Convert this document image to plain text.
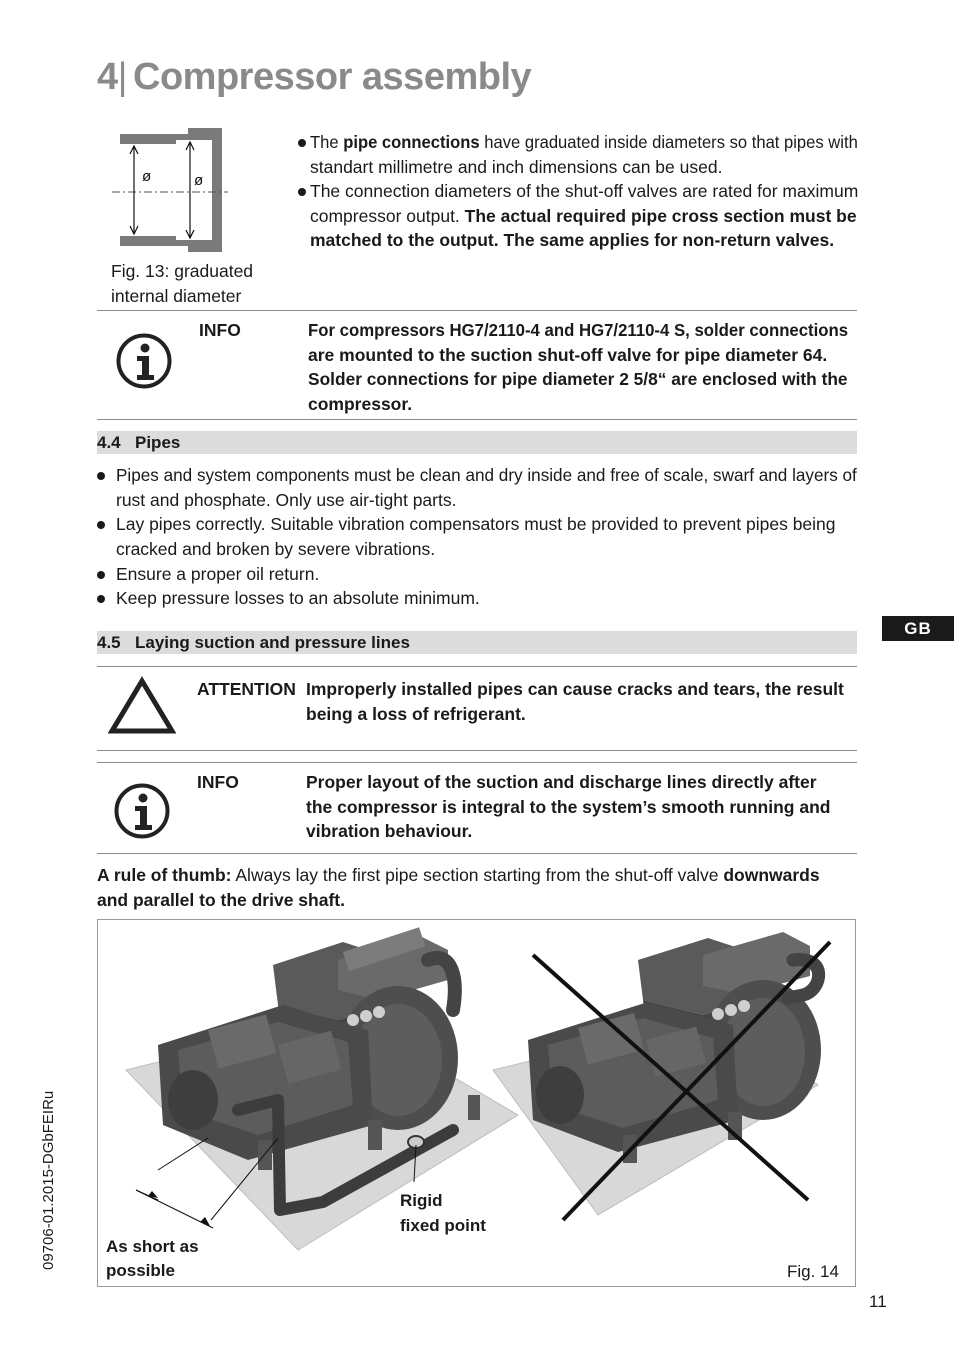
4| Compressor assembly
ø	ø
Fig. 13: graduated
internal diameter
The pipe connections have graduated inside diameters so that pipes with
standart millimetre and inch dimensions can be used.
The connection diameters of the shut-off valves are rated for maximum
compressor output. The actual required pipe cross section must be
matched to the output. The same applies for non-return valves.
INFO	For compressors HG7/2110-4 and HG7/2110-4 S, solder connections
are mounted to the suction shut-off valve for pipe diameter 64.
Solder connections for pipe diameter 2 5/8“ are enclosed with the
compressor.
4.4 Pipes
Pipes and system components must be clean and dry inside and free of scale, swarf and layers of
rust and phosphate. Only use air-tight parts.
Lay pipes correctly. Suitable vibration compensators must be provided to prevent pipes being
cracked and broken by severe vibrations.
Ensure a proper oil return.
Keep pressure losses to an absolute minimum.
4.5 Laying suction and pressure lines
ATTENTION Improperly installed pipes can cause cracks and tears, the result
being a loss of refrigerant.
INFO	Proper layout of the suction and discharge lines directly after
the compressor is integral to the system’s smooth running and
vibration behaviour.
A rule of thumb: Always lay the first pipe section starting from the shut-off valve downwards
and parallel to the drive shaft.
Rigid
fixed point
As short as
possible	Fig. 14
GB
09706-01.2015-DGbFEIRu
11
